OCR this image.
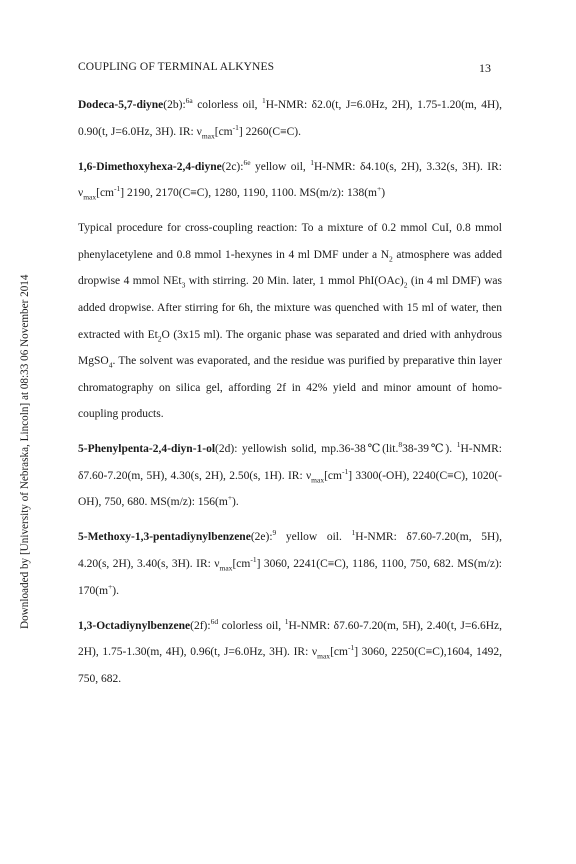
COUPLING OF TERMINAL ALKYNES	13
Downloaded by [University of Nebraska, Lincoln] at 08:33 06 November 2014

Dodeca-5,7-diyne(2b):$^{6a}$ colorless oil, $^1$H-NMR: δ2.0(t, J=6.0Hz, 2H), 1.75-1.20(m, 4H), 0.90(t, J=6.0Hz, 3H). IR: $\nu_{max}[cm^{-1}]$ 2260(C≡C).

1,6-Dimethoxyhexa-2,4-diyne(2c):$^{6e}$ yellow oil, $^1$H-NMR: δ4.10(s, 2H), 3.32(s, 3H). IR: $\nu_{max}[cm^{-1}]$ 2190, 2170(C≡C), 1280, 1190, 1100. MS(m/z): 138(m+)

Typical procedure for cross-coupling reaction: To a mixture of 0.2 mmol CuI, 0.8 mmol phenylacetylene and 0.8 mmol 1-hexynes in 4 ml DMF under a $N_2$ atmosphere was added dropwise 4 mmol NEt$_3$ with stirring. 20 Min. later, 1 mmol $PhI(OAc)_2$ (in 4 ml DMF) was added dropwise. After stirring for 6h, the mixture was quenched with 15 ml of water, then extracted with $Et_2O$ (3x15 ml). The organic phase was separated and dried with anhydrous MgSO$_4$. The solvent was evaporated, and the residue was purified by preparative thin layer chromatography on silica gel, affording 2f in 42% yield and minor amount of homo-coupling products.

5-Phenylpenta-2,4-diyn-1-ol(2d): yellowish solid, mp.36-38℃(lit.$^8$38-39℃). $^1$H-NMR: δ7.60-7.20(m, 5H), 4.30(s, 2H), 2.50(s, 1H). IR: $\nu_{max}[cm^{-1}]$ 3300(-OH), 2240(C≡C), 1020(-OH), 750, 680. MS(m/z): 156(m+).

5-Methoxy-1,3-pentadiynylbenzene(2e):$^9$ yellow oil. $^1$H-NMR: δ7.60-7.20(m, 5H), 4.20(s, 2H), 3.40(s, 3H). IR: $\nu_{max}[cm^{-1}]$ 3060, 2241(C≡C), 1186, 1100, 750, 682. MS(m/z): 170(m+).

1,3-Octadiynylbenzene(2f):$^{6d}$ colorless oil, $^1$H-NMR: δ7.60-7.20(m, 5H), 2.40(t, J=6.6Hz, 2H), 1.75-1.30(m, 4H), 0.96(t, J=6.0Hz, 3H). IR: $\nu_{max}[cm^{-1}]$ 3060, 2250(C≡C),1604, 1492, 750, 682.
